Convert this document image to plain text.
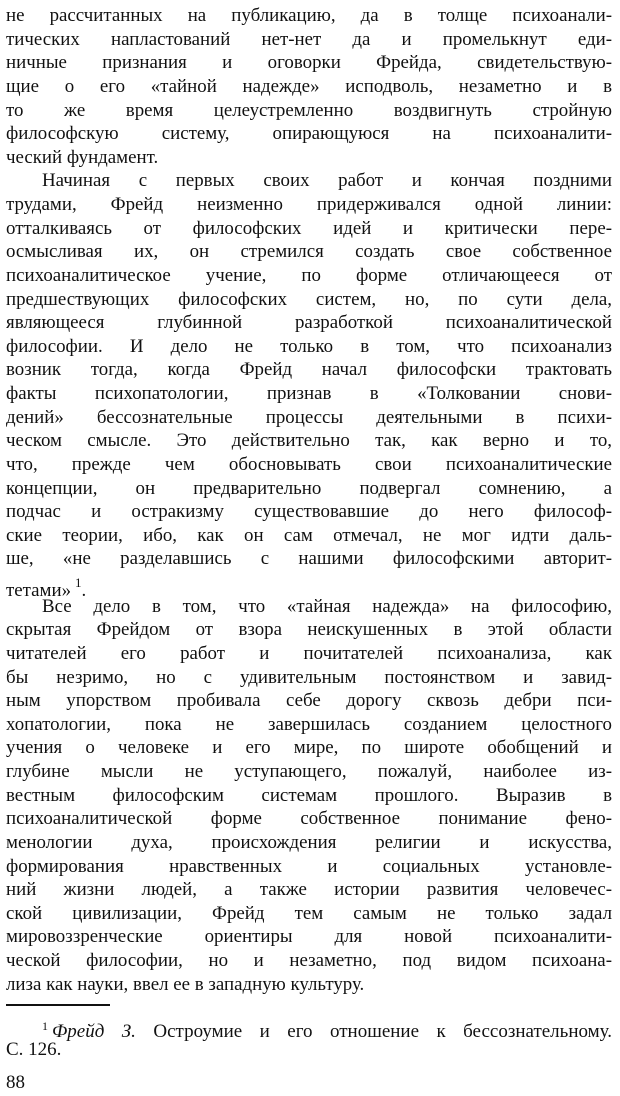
не рассчитанных на публикацию, да в толще психоанали-
тических напластований нет-нет да и промелькнут еди-
ничные признания и оговорки Фрейда, свидетельствую-
щие о его «тайной надежде» исподволь, незаметно и в
то же время целеустремленно воздвигнуть стройную
философскую систему, опирающуюся на психоаналити-
ческий фундамент.
Начиная с первых своих работ и кончая поздними
трудами, Фрейд неизменно придерживался одной линии:
отталкиваясь от философских идей и критически пере-
осмысливая их, он стремился создать свое собственное
психоаналитическое учение, по форме отличающееся от
предшествующих философских систем, но, по сути дела,
являющееся глубинной разработкой психоаналитической
философии. И дело не только в том, что психоанализ
возник тогда, когда Фрейд начал философски трактовать
факты психопатологии, признав в «Толковании снови-
дений» бессознательные процессы деятельными в психи-
ческом смысле. Это действительно так, как верно и то,
что, прежде чем обосновывать свои психоаналитические
концепции, он предварительно подвергал сомнению, а
подчас и остракизму существовавшие до него философ-
ские теории, ибо, как он сам отмечал, не мог идти даль-
ше, «не разделавшись с нашими философскими авторит-
тетами» $^1$.
Все дело в том, что «тайная надежда» на философию,
скрытая Фрейдом от взора неискушенных в этой области
читателей его работ и почитателей психоанализа, как
бы незримо, но с удивительным постоянством и завид-
ным упорством пробивала себе дорогу сквозь дебри пси-
хопатологии, пока не завершилась созданием целостного
учения о человеке и его мире, по широте обобщений и
глубине мысли не уступающего, пожалуй, наиболее из-
вестным философским системам прошлого. Выразив в
психоаналитической форме собственное понимание фено-
менологии духа, происхождения религии и искусства,
формирования нравственных и социальных установле-
ний жизни людей, а также истории развития человечес-
ской цивилизации, Фрейд тем самым не только задал
мировоззренческие ориентиры для новой психоаналити-
ческой философии, но и незаметно, под видом психоана-
лиза как науки, ввел ее в западную культуру.
$^1$ Фрейд З. Остроумие и его отношение к бессознательному.
С. 126.
88
